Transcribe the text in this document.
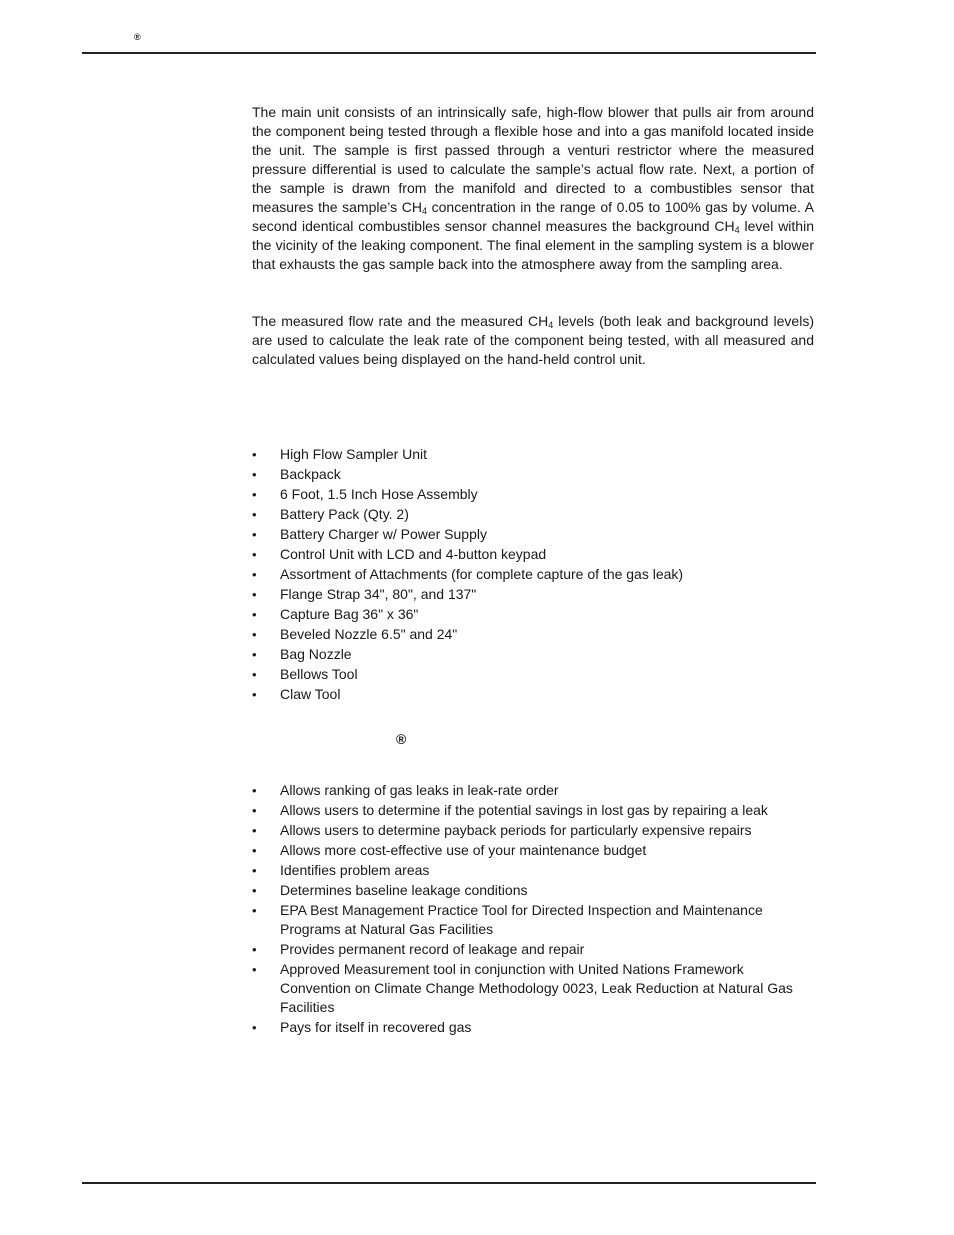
®

The main unit consists of an intrinsically safe, high-flow blower that pulls air from around the component being tested through a flexible hose and into a gas manifold located inside the unit. The sample is first passed through a venturi restrictor where the measured pressure differential is used to calculate the sample’s actual flow rate. Next, a portion of the sample is drawn from the manifold and directed to a combustibles sensor that measures the sample’s $CH_4$ concentration in the range of 0.05 to 100% gas by volume. A second identical combustibles sensor channel measures the background $CH_4$ level within the vicinity of the leaking component. The final element in the sampling system is a blower that exhausts the gas sample back into the atmosphere away from the sampling area.

The measured flow rate and the measured $CH_4$ levels (both leak and background levels) are used to calculate the leak rate of the component being tested, with all measured and calculated values being displayed on the hand-held control unit.

• High Flow Sampler Unit
• Backpack
• 6 Foot, 1.5 Inch Hose Assembly
• Battery Pack (Qty. 2)
• Battery Charger w/ Power Supply
• Control Unit with LCD and 4-button keypad
• Assortment of Attachments (for complete capture of the gas leak)
• Flange Strap 34", 80", and 137"
• Capture Bag 36" x 36"
• Beveled Nozzle 6.5" and 24"
• Bag Nozzle
• Bellows Tool
• Claw Tool
®
• Allows ranking of gas leaks in leak-rate order
• Allows users to determine if the potential savings in lost gas by repairing a leak
• Allows users to determine payback periods for particularly expensive repairs
• Allows more cost-effective use of your maintenance budget
• Identifies problem areas
• Determines baseline leakage conditions
• EPA Best Management Practice Tool for Directed Inspection and Maintenance Programs at Natural Gas Facilities
• Provides permanent record of leakage and repair
• Approved Measurement tool in conjunction with United Nations Framework Convention on Climate Change Methodology 0023, Leak Reduction at Natural Gas Facilities
• Pays for itself in recovered gas
